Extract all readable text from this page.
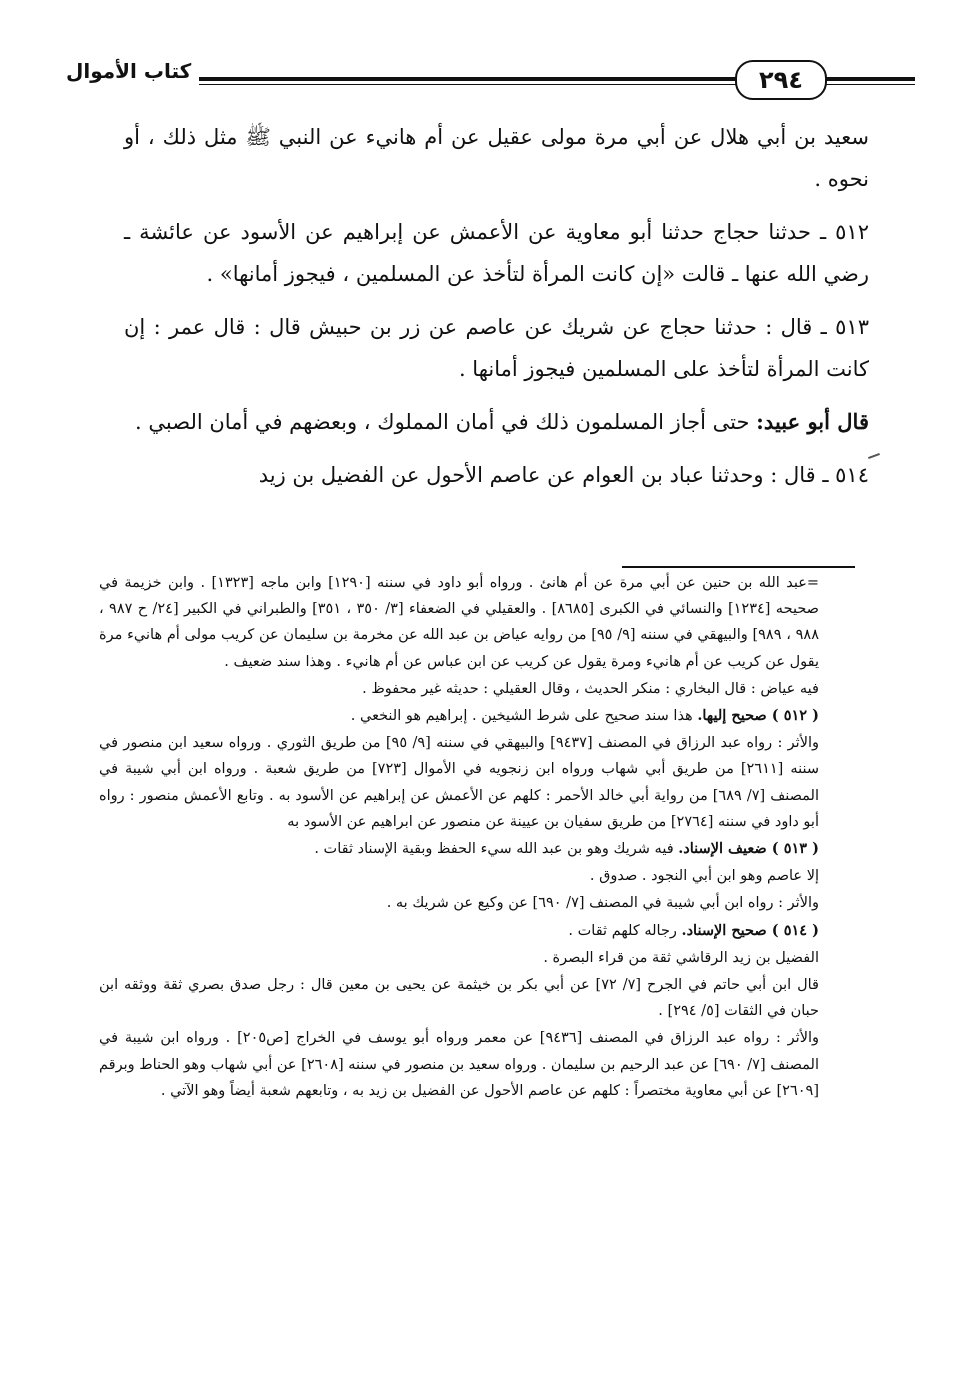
كتاب الأموال	٢٩٤

سعيد بن أبي هلال عن أبي مرة مولى عقيل عن أم هانيء عن النبي ﷺ مثل ذلك ، أو نحوه .

٥١٢ ـ حدثنا حجاج حدثنا أبو معاوية عن الأعمش عن إبراهيم عن الأسود عن عائشة ـ رضي الله عنها ـ قالت «إن كانت المرأة لتأخذ عن المسلمين ، فيجوز أمانها» .

٥١٣ ـ قال : حدثنا حجاج عن شريك عن عاصم عن زر بن حبيش قال : قال عمر : إن كانت المرأة لتأخذ على المسلمين فيجوز أمانها .

قال أبو عبيد: حتى أجاز المسلمون ذلك في أمان المملوك ، وبعضهم في أمان الصبي .

٥١٤ ـ قال : وحدثنا عباد بن العوام عن عاصم الأحول عن الفضيل بن زيد

=عبد الله بن حنين عن أبي مرة عن أم هانئ . ورواه أبو داود في سننه [١٢٩٠] وابن ماجه [١٣٢٣] . وابن خزيمة في صحيحه [١٢٣٤] والنسائي في الكبرى [٨٦٨٥] . والعقيلي في الضعفاء [٣/ ٣٥٠ ، ٣٥١] والطبراني في الكبير [٢٤/ ح ٩٨٧ ، ٩٨٨ ، ٩٨٩] والبيهقي في سننه [٩/ ٩٥] من روايه عياض بن عبد الله عن مخرمة بن سليمان عن كريب مولى أم هانيء مرة يقول عن كريب عن أم هانيء ومرة يقول عن كريب عن ابن عباس عن أم هانيء . وهذا سند ضعيف .

فيه عياض : قال البخاري : منكر الحديث ، وقال العقيلي : حديثه غير محفوظ .

( ٥١٢ ) صحيح إليها. هذا سند صحيح على شرط الشيخين . إبراهيم هو النخعي .

والأثر : رواه عبد الرزاق في المصنف [٩٤٣٧] والبيهقي في سننه [٩/ ٩٥] من طريق الثوري . ورواه سعيد ابن منصور في سننه [٢٦١١] من طريق أبي شهاب ورواه ابن زنجويه في الأموال [٧٢٣] من طريق شعبة . ورواه ابن أبي شيبة في المصنف [٧/ ٦٨٩] من رواية أبي خالد الأحمر : كلهم عن الأعمش عن إبراهيم عن الأسود به . وتابع الأعمش منصور : رواه أبو داود في سننه [٢٧٦٤] من طريق سفيان بن عيينة عن منصور عن ابراهيم عن الأسود به

( ٥١٣ ) ضعيف الإسناد. فيه شريك وهو بن عبد الله سيء الحفظ وبقية الإسناد ثقات .

إلا عاصم وهو ابن أبي النجود . صدوق .

والأثر : رواه ابن أبي شيبة في المصنف [٧/ ٦٩٠] عن وكيع عن شريك به .

( ٥١٤ ) صحيح الإسناد. رجاله كلهم ثقات .

الفضيل بن زيد الرقاشي ثقة من قراء البصرة .

قال ابن أبي حاتم في الجرح [٧/ ٧٢] عن أبي بكر بن خيثمة عن يحيى بن معين قال : رجل صدق بصري ثقة ووثقه ابن حبان في الثقات [٥/ ٢٩٤] .

والأثر : رواه عبد الرزاق في المصنف [٩٤٣٦] عن معمر ورواه أبو يوسف في الخراج [ص٢٠٥] . ورواه ابن شيبة في المصنف [٧/ ٦٩٠] عن عبد الرحيم بن سليمان . ورواه سعيد بن منصور في سننه [٢٦٠٨] عن أبي شهاب وهو الحناط وبرقم [٢٦٠٩] عن أبي معاوية مختصراً : كلهم عن عاصم الأحول عن الفضيل بن زيد به ، وتابعهم شعبة أيضاً وهو الآتي .
